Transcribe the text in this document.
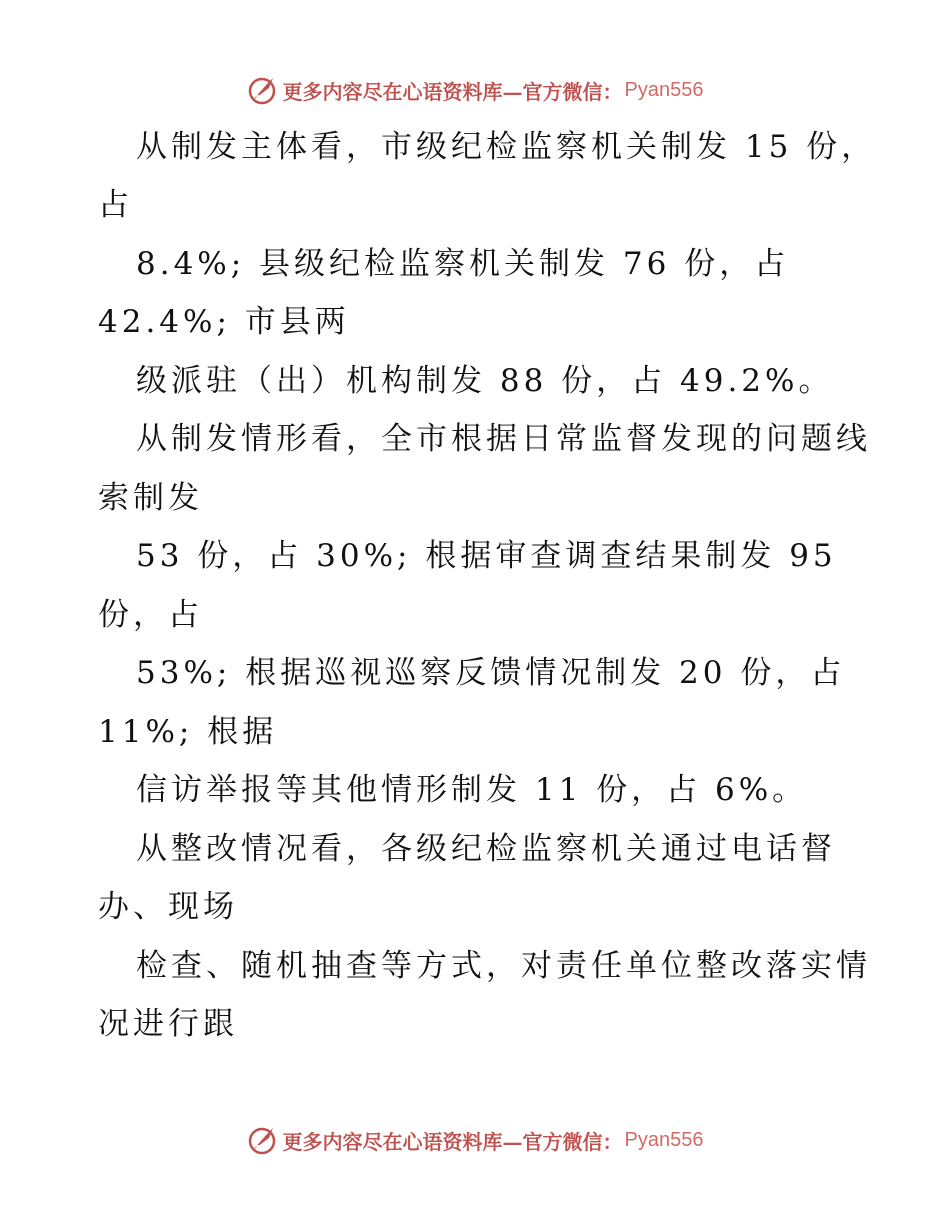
更多内容尽在心语资料库—官方微信： Pyan556
从制发主体看，市级纪检监察机关制发 15 份，
占
8.4%; 县级纪检监察机关制发 76 份，占
42.4%; 市县两
级派驻（出）机构制发 88 份，占 49.2%。
从制发情形看，全市根据日常监督发现的问题线
索制发
53 份，占 30%; 根据审查调查结果制发 95
份，占
53%; 根据巡视巡察反馈情况制发 20 份，占
11%; 根据
信访举报等其他情形制发 11 份，占 6%。
从整改情况看，各级纪检监察机关通过电话督
办、现场
检查、随机抽查等方式，对责任单位整改落实情
况进行跟
更多内容尽在心语资料库—官方微信： Pyan556
